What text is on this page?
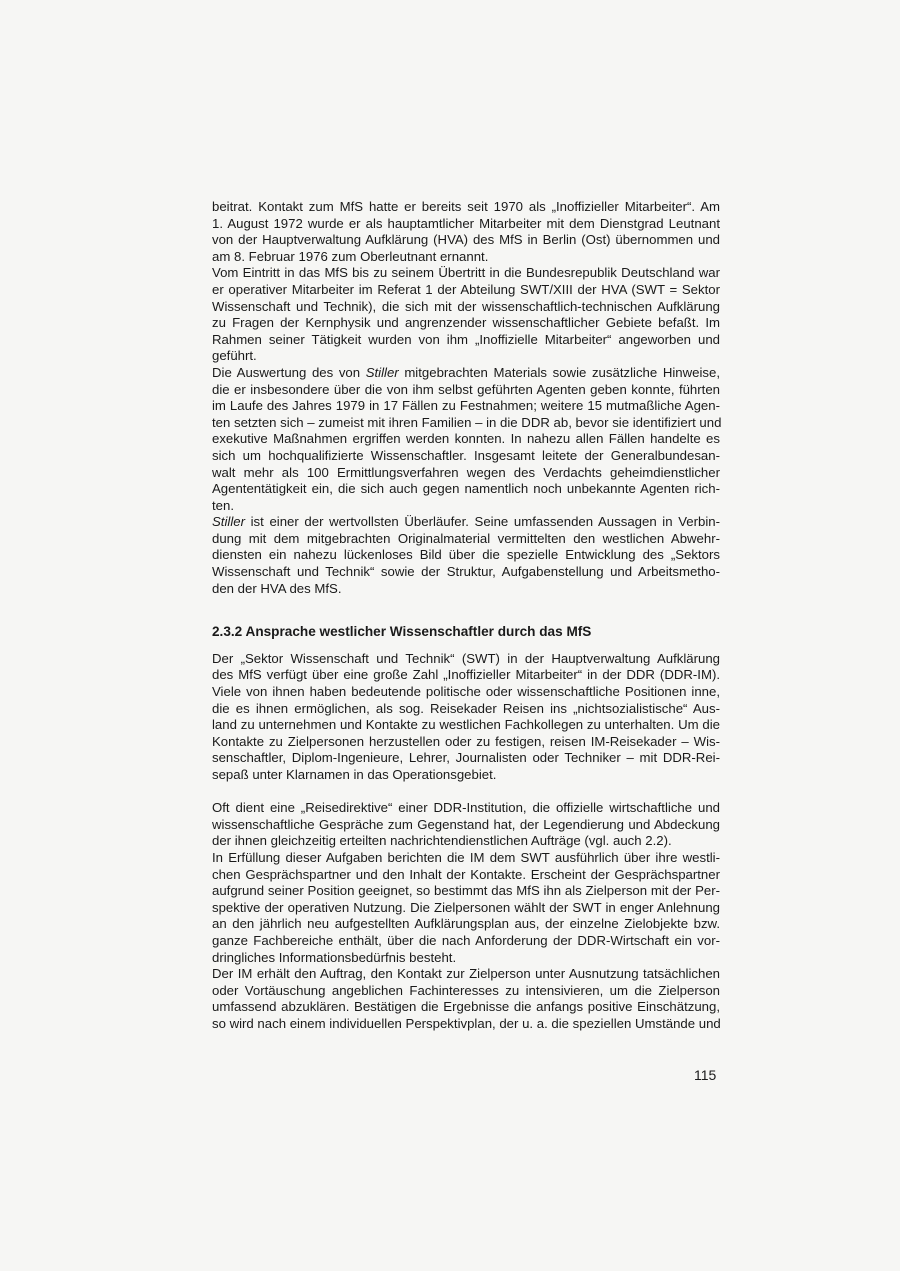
beitrat. Kontakt zum MfS hatte er bereits seit 1970 als „Inoffizieller Mitarbeiter“. Am
1. August 1972 wurde er als hauptamtlicher Mitarbeiter mit dem Dienstgrad Leutnant
von der Hauptverwaltung Aufklärung (HVA) des MfS in Berlin (Ost) übernommen und
am 8. Februar 1976 zum Oberleutnant ernannt.

Vom Eintritt in das MfS bis zu seinem Übertritt in die Bundesrepublik Deutschland war
er operativer Mitarbeiter im Referat 1 der Abteilung SWT/XIII der HVA (SWT = Sektor
Wissenschaft und Technik), die sich mit der wissenschaftlich-technischen Aufklärung
zu Fragen der Kernphysik und angrenzender wissenschaftlicher Gebiete befaßt. Im
Rahmen seiner Tätigkeit wurden von ihm „Inoffizielle Mitarbeiter“ angeworben und
geführt.

Die Auswertung des von Stiller mitgebrachten Materials sowie zusätzliche Hinweise,
die er insbesondere über die von ihm selbst geführten Agenten geben konnte, führten
im Laufe des Jahres 1979 in 17 Fällen zu Festnahmen; weitere 15 mutmaßliche Agen-
ten setzten sich – zumeist mit ihren Familien – in die DDR ab, bevor sie identifiziert und
exekutive Maßnahmen ergriffen werden konnten. In nahezu allen Fällen handelte es
sich um hochqualifizierte Wissenschaftler. Insgesamt leitete der Generalbundesan-
walt mehr als 100 Ermittlungsverfahren wegen des Verdachts geheimdienstlicher
Agententätigkeit ein, die sich auch gegen namentlich noch unbekannte Agenten rich-
ten.

Stiller ist einer der wertvollsten Überläufer. Seine umfassenden Aussagen in Verbin-
dung mit dem mitgebrachten Originalmaterial vermittelten den westlichen Abwehr-
diensten ein nahezu lückenloses Bild über die spezielle Entwicklung des „Sektors
Wissenschaft und Technik“ sowie der Struktur, Aufgabenstellung und Arbeitsmetho-
den der HVA des MfS.

2.3.2 Ansprache westlicher Wissenschaftler durch das MfS

Der „Sektor Wissenschaft und Technik“ (SWT) in der Hauptverwaltung Aufklärung
des MfS verfügt über eine große Zahl „Inoffizieller Mitarbeiter“ in der DDR (DDR-IM).
Viele von ihnen haben bedeutende politische oder wissenschaftliche Positionen inne,
die es ihnen ermöglichen, als sog. Reisekader Reisen ins „nichtsozialistische“ Aus-
land zu unternehmen und Kontakte zu westlichen Fachkollegen zu unterhalten. Um die
Kontakte zu Zielpersonen herzustellen oder zu festigen, reisen IM-Reisekader – Wis-
senschaftler, Diplom-Ingenieure, Lehrer, Journalisten oder Techniker – mit DDR-Rei-
sepaß unter Klarnamen in das Operationsgebiet.

Oft dient eine „Reisedirektive“ einer DDR-Institution, die offizielle wirtschaftliche und
wissenschaftliche Gespräche zum Gegenstand hat, der Legendierung und Abdeckung
der ihnen gleichzeitig erteilten nachrichtendienstlichen Aufträge (vgl. auch 2.2).

In Erfüllung dieser Aufgaben berichten die IM dem SWT ausführlich über ihre westli-
chen Gesprächspartner und den Inhalt der Kontakte. Erscheint der Gesprächspartner
aufgrund seiner Position geeignet, so bestimmt das MfS ihn als Zielperson mit der Per-
spektive der operativen Nutzung. Die Zielpersonen wählt der SWT in enger Anlehnung
an den jährlich neu aufgestellten Aufklärungsplan aus, der einzelne Zielobjekte bzw.
ganze Fachbereiche enthält, über die nach Anforderung der DDR-Wirtschaft ein vor-
dringliches Informationsbedürfnis besteht.

Der IM erhält den Auftrag, den Kontakt zur Zielperson unter Ausnutzung tatsächlichen
oder Vortäuschung angeblichen Fachinteresses zu intensivieren, um die Zielperson
umfassend abzuklären. Bestätigen die Ergebnisse die anfangs positive Einschätzung,
so wird nach einem individuellen Perspektivplan, der u. a. die speziellen Umstände und

115
